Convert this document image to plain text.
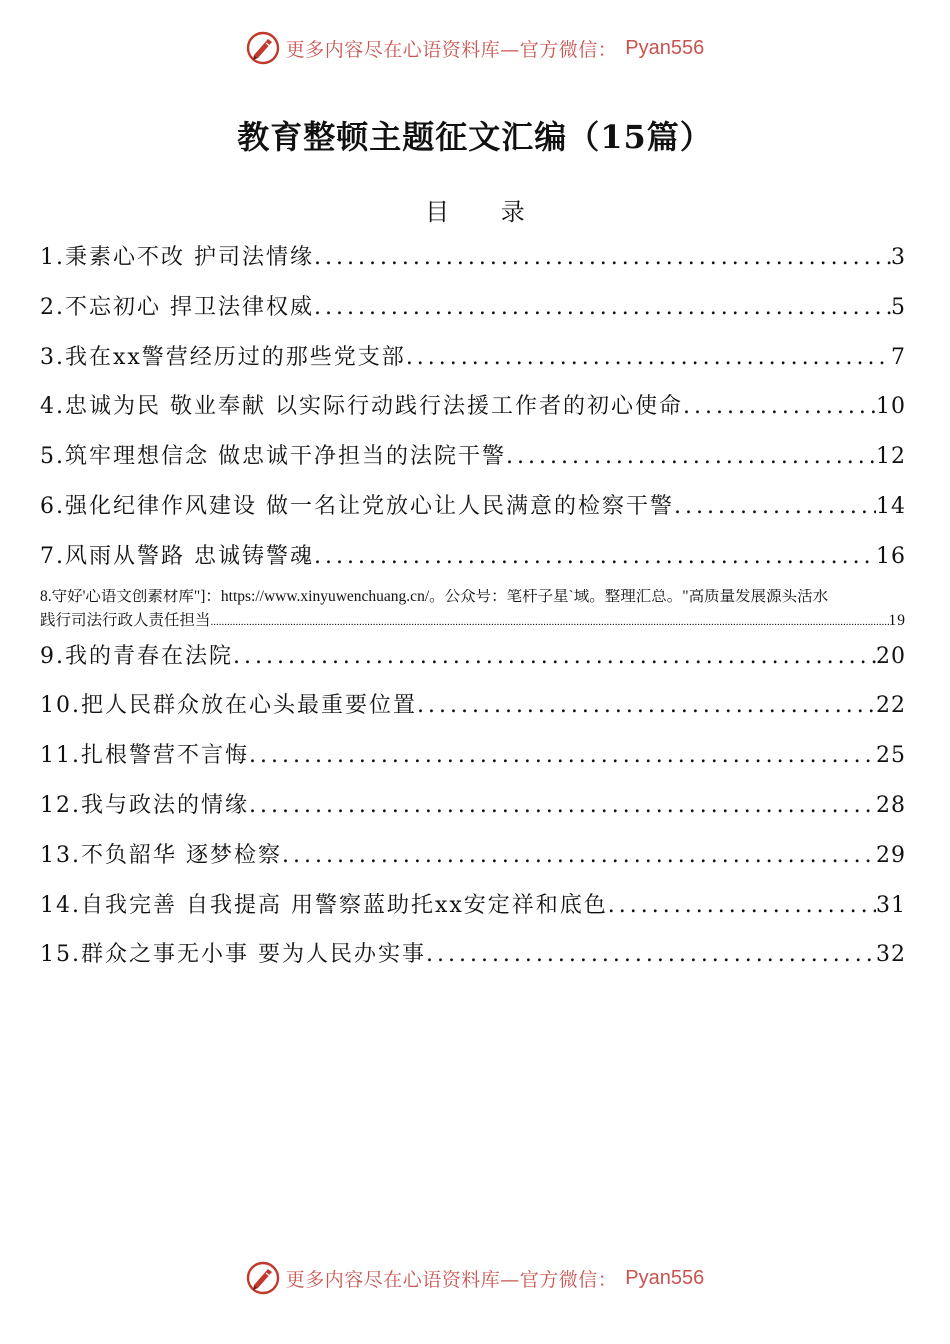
更多内容尽在心语资料库—官方微信： Pyan556
教育整顿主题征文汇编（15篇）
目 录
1.秉素心不改 护司法情缘 .....	3
2.不忘初心 捍卫法律权威 .....	5
3.我在xx警营经历过的那些党支部 .....	7
4.忠诚为民 敬业奉献 以实际行动践行法援工作者的初心使命 .....	10
5.筑牢理想信念 做忠诚干净担当的法院干警 .....	12
6.强化纪律作风建设 做一名让党放心让人民满意的检察干警 .....	14
7.风雨从警路 忠诚铸警魂 .....	16
8.守好'心语文创素材库"]：https://www.xinyuwenchuang.cn/。公众号：笔杆子星`域。整理汇总。"高质量发展源头活水
践行司法行政人责任担当 .....	19
9.我的青春在法院 .....	20
10.把人民群众放在心头最重要位置 .....	22
11.扎根警营不言悔 .....	25
12.我与政法的情缘 .....	28
13.不负韶华 逐梦检察 .....	29
14.自我完善 自我提高 用警察蓝助托xx安定祥和底色 .....	31
15.群众之事无小事 要为人民办实事 .....	32
更多内容尽在心语资料库—官方微信： Pyan556
